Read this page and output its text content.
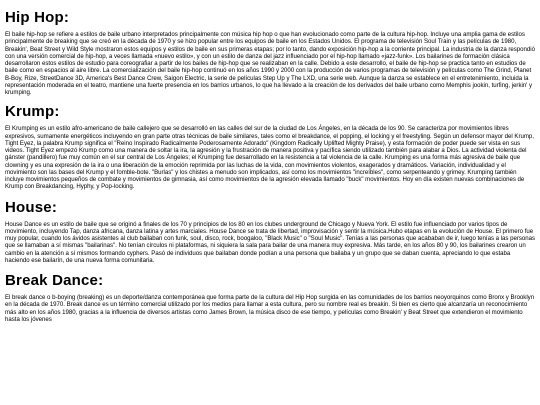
Hip Hop:

El baile hip-hop se refiere a estilos de baile urbano interpretados principalmente con música hip hop o que han evolucionado como parte de la cultura hip-hop. Incluye una amplia gama de estilos principalmente de breaking que se creó en la década de 1970 y se hizo popular entre los equipos de baile en los Estados Unidos. El programa de televisión Soul Train y las películas de 1980, Breakin', Beat Street y Wild Style mostraron estos equipos y estilos de baile en sus primeras etapas; por lo tanto, dando exposición hip-hop a la corriente principal. La industria de la danza respondió con una versión comercial de hip-hop, a veces llamada «nuevo estilo», y con un estilo de danza del jazz influenciado por el hip-hop llamado «jazz-funk». Los bailarines de formación clásica desarrollaron estos estilos de estudio para coreografiar a partir de los bailes de hip-hop que se realizaban en la calle. Debido a este desarrollo, el baile de hip-hop se practica tanto en estudios de baile como en espacios al aire libre. La comercialización del baile hip-hop continuó en los años 1990 y 2000 con la producción de varios programas de televisión y películas como The Grind, Planet B-Boy, Rize, StreetDance 3D, America's Best Dance Crew, Saigon Electric, la serie de películas Step Up y The LXD, una serie web. Aunque la danza se establece en el entretenimiento, incluida la representación moderada en el teatro, mantiene una fuerte presencia en los barrios urbanos, lo que ha llevado a la creación de los derivados del baile urbano como Memphis jookin, turfing, jerkin' y krumping.

Krump:

El Krumping es un estilo afro-americano de baile callejero que se desarrolló en las calles del sur de la ciudad de Los Ángeles, en la década de los 90. Se caracteriza por movimientos libres expresivos, sumamente energéticos incluyendo en gran parte otras técnicas de baile similares, tales como el breakdance, el popping, el locking y el freestyling. Según un defensor mayor del Krump, Tight Eyez, la palabra Krump significa el "Reino Inspirado Radicalmente Poderosamente Adorado" (Kingdom Radically Uplifted Mighty Praise), y esta formación de poder puede ser vista en sus videos. Tight Eyez empezó Krump como una manera de soltar la ira, la agresión y la frustración de manera positiva y pacífica siendo utilizado también para alabar a Dios. La actividad violenta del gánster (pandillero) fue muy común en el sur central de Los Ángeles; el Krumping fue desarrollado en la resistencia a tal violencia de la calle. Krumping es una forma más agresiva de baile que clowning y es una expresión de la ira o una liberación de la emoción reprimida por las luchas de la vida, con movimientos violentos, exagerados y dramáticos. Variación, individualidad y el movimiento son las bases del Krump y el fomble-bote. "Burlas" y los chistes a menudo son implicados, así como los movimientos "increíbles", como serpenteando y grimey. Krumping también incluye movimientos pequeños de combate y movimientos de gimnasia, así como movimientos de la agresión elevada llamado "buck" movimientos. Hoy en día existen nuevas combinaciones de Krump con Breakdancing, Hyphy, y Pop-locking.

House:

House Dance es un estilo de baile que se originó a finales de los 70 y principios de los 80 en los clubes underground de Chicago y Nueva York. El estilo fue influenciado por varios tipos de movimiento, incluyendo Tap, danza africana, danza latina y artes marciales. House Dance se trata de libertad, improvisación y sentir la música.Hubo etapas en la evolución de House. El primero fue muy popular, cuando los ávidos asistentes al club bailaban con funk, soul, disco, rock, boogaloo, "Black Music" o "Soul Music". Tenías a las personas que acababan de ir, luego tenías a las personas que se llamaban a sí mismas "bailarinas". No tenían círculos ni plataformas, ni siquiera la sala para bailar de una manera muy expresiva. Más tarde, en los años 80 y 90, los bailarines crearon un cambio en la atención a sí mismos formando cyphers. Pasó de individuos que bailaban donde podían a una persona que bailaba y un grupo que se daban cuenta, apreciando lo que estaba haciendo ese bailarín, de una nueva forma comunitaria.

Break Dance:

El break dance o b-boying (breaking) es un deporte/danza contemporánea que forma parte de la cultura del Hip Hop surgida en las comunidades de los barrios neoyorquinos como Bronx y Brooklyn en la década de 1970. Break dance es un término comercial utilizado por los medios para llamar a esta cultura, pero su nombre real es breakin. Si bien es cierto que alcanzaría un reconocimiento más alto en los años 1980, gracias a la influencia de diversos artistas como James Brown, la música disco de ese tiempo, y películas como Breakin' y Beat Street que extendieron el movimiento hasta los jóvenes
